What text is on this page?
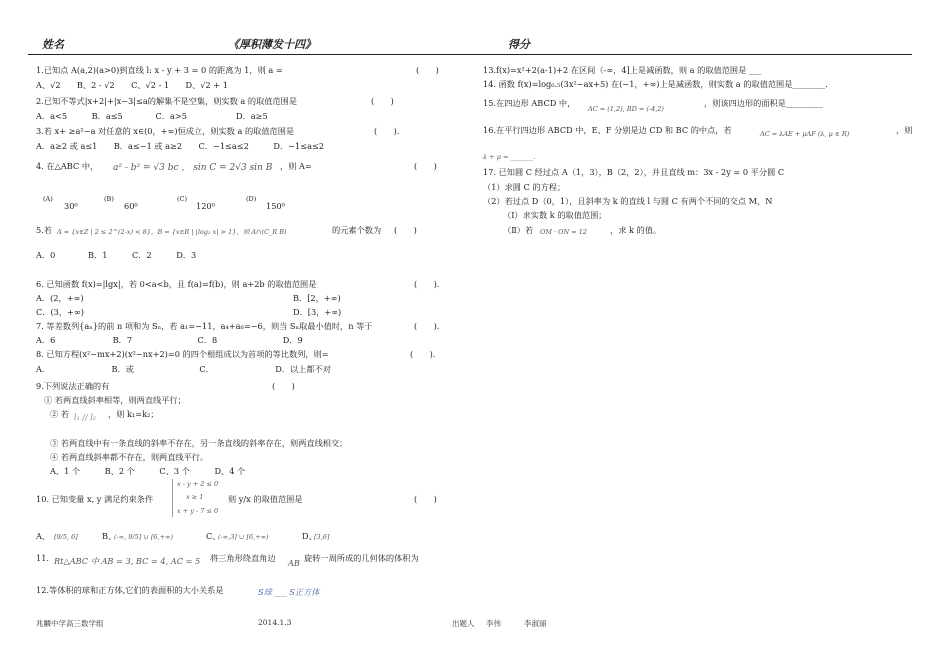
姓名	《厚积薄发十四》	得分
1.已知点 A(a,2)(a>0)到直线 l: x - y + 3 = 0 的距离为 1，则 a =	(　　)
A、√2　　B、2 - √2　　C、√2 - 1　　D、√2 + 1
2.已知不等式|x+2|+|x−3|≤a的解集不是空集，则实数 a 的取值范围是	(　　)
A．a<5　　　B．a≤5　　　　C．a>5　　　　　　D．a≥5
3.若 x+ ≥a²−a 对任意的 x∈(0，+∞)恒成立，则实数 a 的取值范围是	(　　).
A．a≥2 或 a≤1　　B．a≤−1 或 a≥2　　C．−1≤a≤2　　　D．−1≤a≤2
4. 在△ABC 中， a² - b² = √3 bc ， sin C = 2√3 sin B ，则 A=	(　　)
(A)
30⁰
(B)
60⁰
(C)
120⁰
(D)
150⁰
5.若 A = {x∈Z | 2 ≤ 2^(2-x) < 8}，B = {x∈R | |log₂ x| > 1}，则 A∩(C_R B)	的元素个数为 (　　)
A．0　　　　B．1　　　C．2　　　D．3
6. 已知函数 f(x)=|lgx|，若 0<a<b，且 f(a)=f(b)，则 a+2b 的取值范围是	(　　).
A．(2，+∞)	B．[2，+∞)
C．(3，+∞)	D．[3，+∞)
7. 等差数列{aₙ}的前 n 项和为 Sₙ，若 a₁=−11，a₄+a₆=−6，则当 Sₙ取最小值时，n 等于	(　　).
A．6　　　　　　　B．7　　　　　　　　C．8　　　　　　　　D．9
8. 已知方程(x²−mx+2)(x²−nx+2)=0 的四个根组成以为首项的等比数列，则=	(　　).
A．　　　　　　　　B．或　　　　　　　　C．　　　　　　　　D．以上都不对
9.下列说法正确的有	(　　)
① 若两直线斜率相等，则两直线平行；
② 若 l₁ // l₂ ，则 k₁=k₂；
③ 若两直线中有一条直线的斜率不存在，另一条直线的斜率存在，则两直线相交；
④ 若两直线斜率都不存在，则两直线平行。
A、1 个　　　B、2 个　　　C、3 个　　　D、4 个
10. 已知变量 x, y 满足约束条件
x - y + 2 ≤ 0
x ≥ 1
x + y - 7 ≤ 0
则 y/x 的取值范围是	(　　)
A、 [9/5, 6]	B、
(-∞, 9/5] ∪ [6,+∞)	C、
(-∞,3] ∪ [6,+∞)	D、
[3,6]
11. Rt△ABC 中 AB = 3, BC = 4, AC = 5 将三角形绕直角边 AB 旋转一周所成的几何体的体积为
12.等体积的球和正方体,它们的表面积的大小关系是	S球 ___ S正方体
13.f(x)=x²+2(a-1)+2 在区间（-∞，4]上是减函数，则 a 的取值范围是 ___
14. 函数 f(x)=log₀.₅(3x²−ax+5) 在(−1，+∞)上是减函数，则实数 a 的取值范围是________.
15.在四边形 ABCD 中，
AC = (1,2), BD = (-4,2)
，则该四边形的面积是_________
16.在平行四边形 ABCD 中，E、F 分别是边 CD 和 BC 的中点，若	AC = λAE + μAF (λ, μ ∈ R)	，则
λ + μ = _______.
17. 已知圆 C 经过点 A（1，3），B（2，2），并且直线 m：3x - 2y = 0 平分圆 C
（1）求圆 C 的方程；
（2）若过点 D（0，1），且斜率为 k 的直线 l 与圆 C 有两个不同的交点 M，N
（Ⅰ）求实数 k 的取值范围；
（Ⅱ）若 OM · ON = 12	，求 k 的值。
兆麟中学高三数学组	2014.1.3	出题人 李伟	李淑丽
